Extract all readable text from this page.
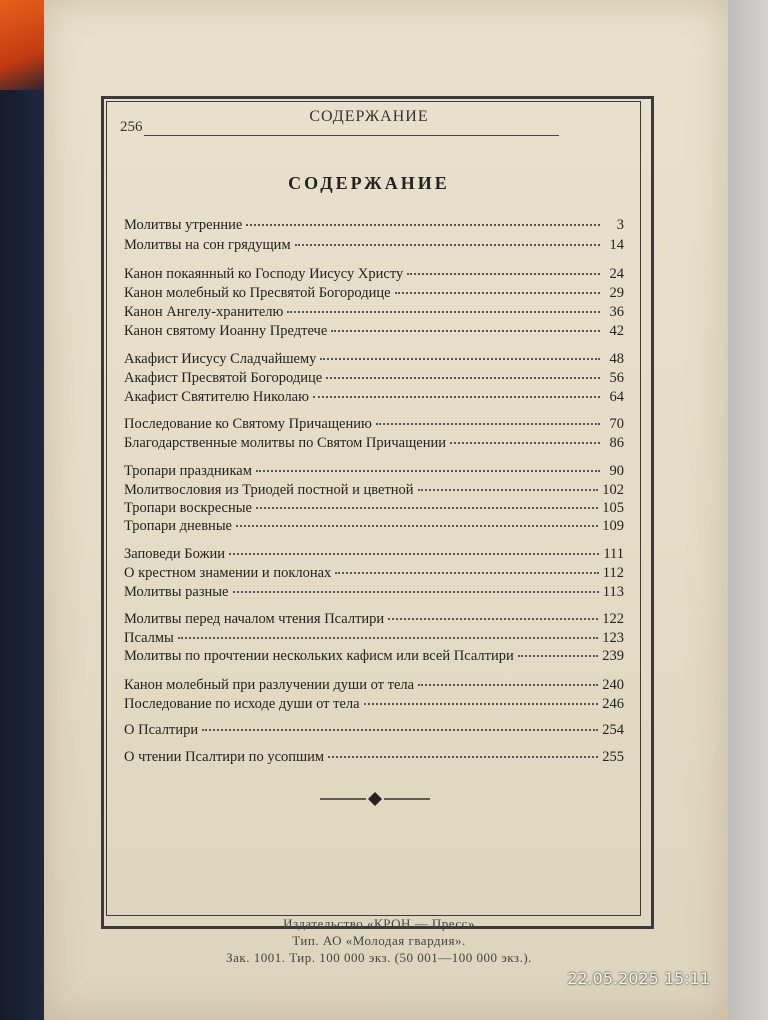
256
СОДЕРЖАНИЕ
СОДЕРЖАНИЕ
Молитвы утренние	3
Молитвы на сон грядущим	14
Канон покаянный ко Господу Иисусу Христу	24
Канон молебный ко Пресвятой Богородице	29
Канон Ангелу-хранителю	36
Канон святому Иоанну Предтече	42
Акафист Иисусу Сладчайшему	48
Акафист Пресвятой Богородице	56
Акафист Святителю Николаю	64
Последование ко Святому Причащению	70
Благодарственные молитвы по Святом Причащении	86
Тропари праздникам	90
Молитвословия из Триодей постной и цветной	102
Тропари воскресные	105
Тропари дневные	109
Заповеди Божии	111
О крестном знамении и поклонах	112
Молитвы разные	113
Молитвы перед началом чтения Псалтири	122
Псалмы	123
Молитвы по прочтении нескольких кафисм или всей Псалтири	239
Канон молебный при разлучении души от тела	240
Последование по исходе души от тела	246
О Псалтири	254
О чтении Псалтири по усопшим	255
Издательство «КРОН — Пресс»
Тип. АО «Молодая гвардия».
Зак. 1001. Тир. 100 000 экз. (50 001—100 000 экз.).
22.05.2025 15:11
